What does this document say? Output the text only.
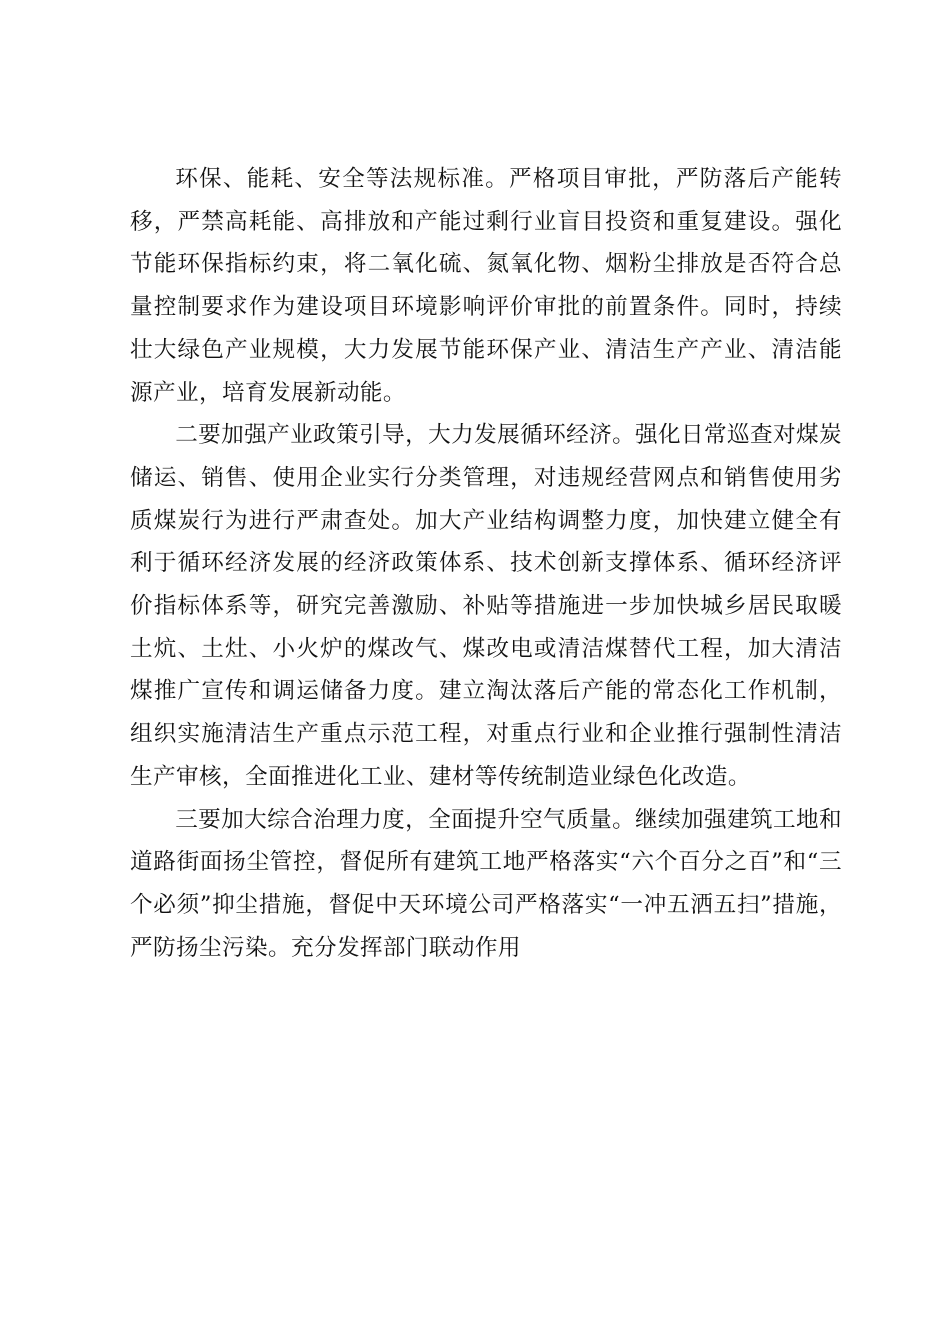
环保、能耗、安全等法规标准。严格项目审批，严防落后产能转移，严禁高耗能、高排放和产能过剩行业盲目投资和重复建设。强化节能环保指标约束，将二氧化硫、氮氧化物、烟粉尘排放是否符合总量控制要求作为建设项目环境影响评价审批的前置条件。同时，持续壮大绿色产业规模，大力发展节能环保产业、清洁生产产业、清洁能源产业，培育发展新动能。

二要加强产业政策引导，大力发展循环经济。强化日常巡查对煤炭储运、销售、使用企业实行分类管理，对违规经营网点和销售使用劣质煤炭行为进行严肃查处。加大产业结构调整力度，加快建立健全有利于循环经济发展的经济政策体系、技术创新支撑体系、循环经济评价指标体系等，研究完善激励、补贴等措施进一步加快城乡居民取暖土炕、土灶、小火炉的煤改气、煤改电或清洁煤替代工程，加大清洁煤推广宣传和调运储备力度。建立淘汰落后产能的常态化工作机制，组织实施清洁生产重点示范工程，对重点行业和企业推行强制性清洁生产审核，全面推进化工业、建材等传统制造业绿色化改造。

三要加大综合治理力度，全面提升空气质量。继续加强建筑工地和道路街面扬尘管控，督促所有建筑工地严格落实“六个百分之百”和“三个必须”抑尘措施，督促中天环境公司严格落实“一冲五洒五扫”措施，严防扬尘污染。充分发挥部门联动作用
